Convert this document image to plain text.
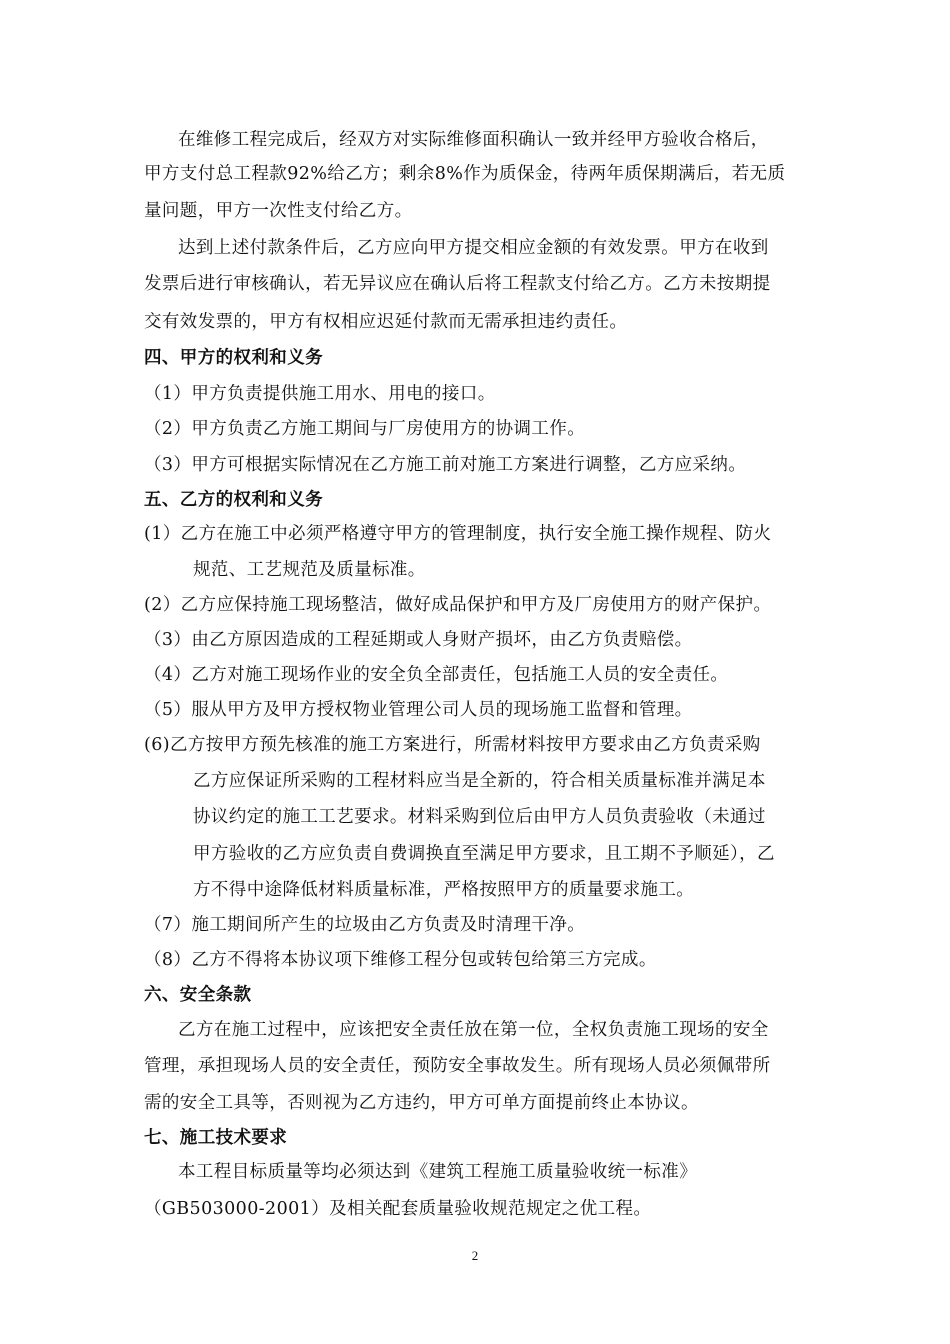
在维修工程完成后，经双方对实际维修面积确认一致并经甲方验收合格后，
甲方支付总工程款92%给乙方；剩余8%作为质保金，待两年质保期满后，若无质
量问题，甲方一次性支付给乙方。
达到上述付款条件后，乙方应向甲方提交相应金额的有效发票。甲方在收到
发票后进行审核确认，若无异议应在确认后将工程款支付给乙方。乙方未按期提
交有效发票的，甲方有权相应迟延付款而无需承担违约责任。
四、甲方的权利和义务
（1）甲方负责提供施工用水、用电的接口。
（2）甲方负责乙方施工期间与厂房使用方的协调工作。
（3）甲方可根据实际情况在乙方施工前对施工方案进行调整，乙方应采纳。
五、乙方的权利和义务
(1）乙方在施工中必须严格遵守甲方的管理制度，执行安全施工操作规程、防火
规范、工艺规范及质量标准。
(2）乙方应保持施工现场整洁，做好成品保护和甲方及厂房使用方的财产保护。
（3）由乙方原因造成的工程延期或人身财产损坏，由乙方负责赔偿。
（4）乙方对施工现场作业的安全负全部责任，包括施工人员的安全责任。
（5）服从甲方及甲方授权物业管理公司人员的现场施工监督和管理。
(6)乙方按甲方预先核准的施工方案进行，所需材料按甲方要求由乙方负责采购
乙方应保证所采购的工程材料应当是全新的，符合相关质量标准并满足本
协议约定的施工工艺要求。材料采购到位后由甲方人员负责验收（未通过
甲方验收的乙方应负责自费调换直至满足甲方要求，且工期不予顺延），乙
方不得中途降低材料质量标准，严格按照甲方的质量要求施工。
（7）施工期间所产生的垃圾由乙方负责及时清理干净。
（8）乙方不得将本协议项下维修工程分包或转包给第三方完成。
六、安全条款
乙方在施工过程中，应该把安全责任放在第一位，全权负责施工现场的安全
管理，承担现场人员的安全责任，预防安全事故发生。所有现场人员必须佩带所
需的安全工具等，否则视为乙方违约，甲方可单方面提前终止本协议。
七、施工技术要求
本工程目标质量等均必须达到《建筑工程施工质量验收统一标准》
（GB503000-2001）及相关配套质量验收规范规定之优工程。
2
